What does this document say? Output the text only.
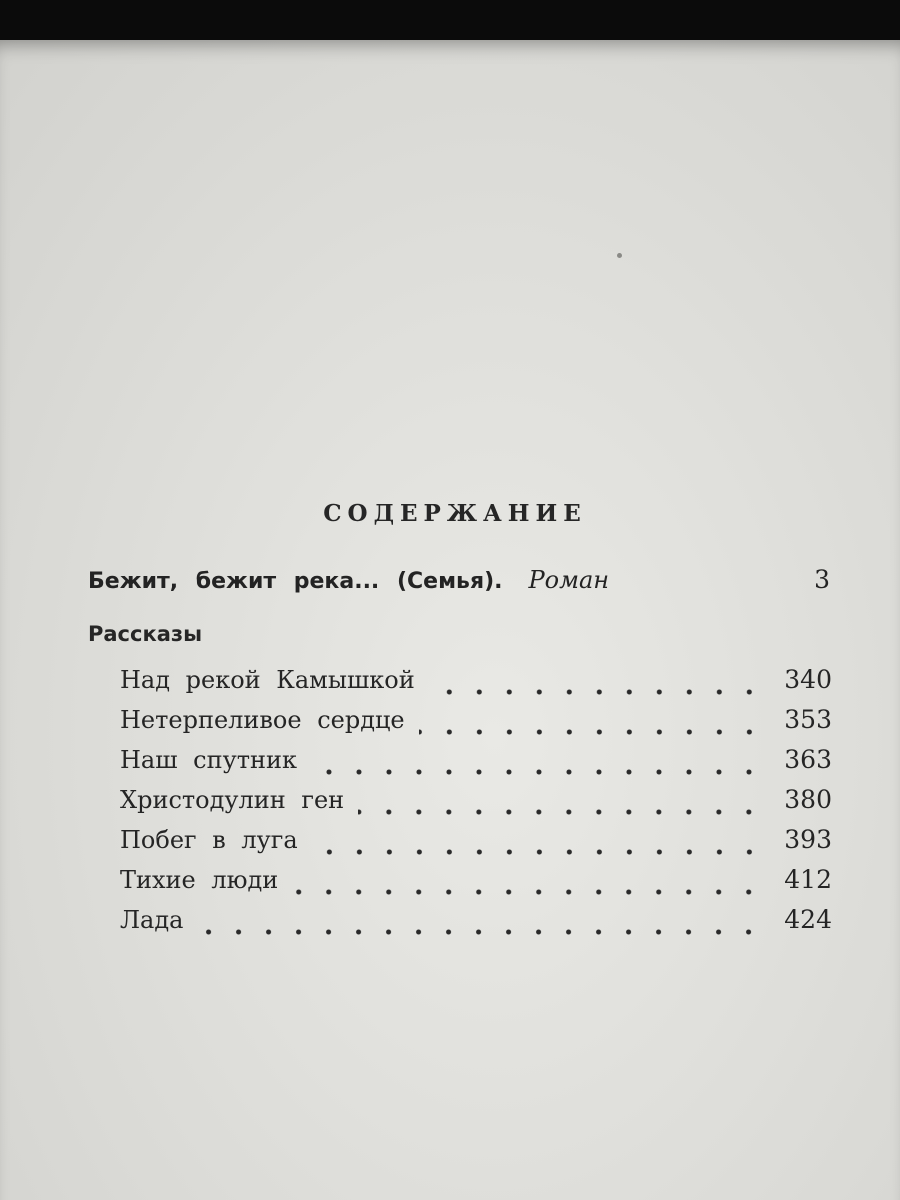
СОДЕРЖАНИЕ
Бежит, бежит река... (Семья). Роман	3
Рассказы
Над рекой Камышкой	340
Нетерпеливое сердце	353
Наш спутник	363
Христодулин ген	380
Побег в луга	393
Тихие люди	412
Лада	424
